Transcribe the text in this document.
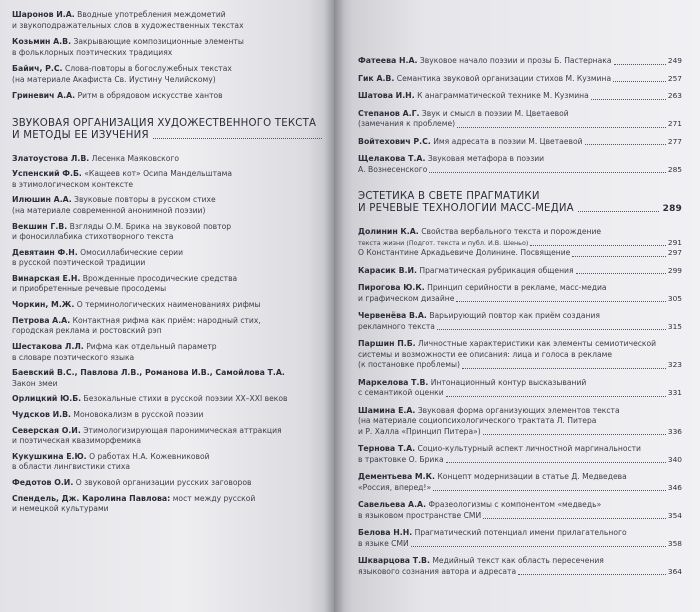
Шаронов И.А. Вводные употребления междометий
и звукоподражательных слов в художественных текстах
Козьмин А.В. Закрывающие композиционные элементы
в фольклорных поэтических традициях
Байич, Р.С. Слова-повторы в богослужебных текстах
(на материале Акафиста Св. Иустину Челийскому)
Гриневич А.А. Ритм в обрядовом искусстве хантов
ЗВУКОВАЯ ОРГАНИЗАЦИЯ ХУДОЖЕСТВЕННОГО ТЕКСТА
И МЕТОДЫ ЕЕ ИЗУЧЕНИЯ
Златоустова Л.В. Лесенка Маяковского
Успенский Ф.Б. «Кащеев кот» Осипа Мандельштама
в этимологическом контексте
Илюшин А.А. Звуковые повторы в русском стихе
(на материале современной анонимной поэзии)
Векшин Г.В. Взгляды О.М. Брика на звуковой повтор
и фоносиллабика стихотворного текста
Девятаин Ф.Н. Омосиллабические серии
в русской поэтической традиции
Винарская Е.Н. Врожденные просодические средства
и приобретенные речевые просодемы
Чоркин, М.Ж. О терминологических наименованиях рифмы
Петрова А.А. Контактная рифма как приём: народный стих,
городская реклама и ростовский рэп
Шестакова Л.Л. Рифма как отдельный параметр
в словаре поэтического языка
Баевский В.С., Павлова Л.В., Романова И.В., Самойлова Т.А.
Закон змеи
Орлицкий Ю.Б. Безокальные стихи в русской поэзии XX–XXI веков
Чудсков И.В. Моновокализм в русской поэзии
Северская О.И. Этимологизирующая паронимическая аттракция
и поэтическая квазиморфемика
Кукушкина Е.Ю. О работах Н.А. Кожевниковой
в области лингвистики стиха
Федотов О.И. О звуковой организации русских заговоров
Спендель, Дж. Каролина Павлова: мост между русской
и немецкой культурами
Фатеева Н.А. Звуковое начало поэзии и прозы Б. Пастернака	249
Гик А.В. Семантика звуковой организации стихов М. Кузмина	257
Шатова И.Н. К анаграмматической технике М. Кузмина	263
Степанов А.Г. Звук и смысл в поэзии М. Цветаевой
(замечания к проблеме)	271
Войтехович Р.С. Имя адресата в поэзии М. Цветаевой	277
Щелакова Т.А. Звуковая метафора в поэзии
А. Вознесенского	285
ЭСТЕТИКА В СВЕТЕ ПРАГМАТИКИ
И РЕЧЕВЫЕ ТЕХНОЛОГИИ МАСС-МЕДИА	289
Долинин К.А. Свойства вербального текста и порождение
текста жизни (Подгот. текста и публ. И.В. Шеньо)	291
О Константине Аркадьевиче Долинине. Посвящение	297
Карасик В.И. Прагматическая рубрикация общения	299
Пирогова Ю.К. Принцип серийности в рекламе, масс-медиа
и графическом дизайне	305
Червенёва В.А. Варьирующий повтор как приём создания
рекламного текста	315
Паршин П.Б. Личностные характеристики как элементы семиотической
системы и возможности ее описания: лица и голоса в рекламе
(к постановке проблемы)	323
Маркелова Т.В. Интонационный контур высказываний
с семантикой оценки	331
Шамина Е.А. Звуковая форма организующих элементов текста
(на материале социопсихологического трактата Л. Питера
и Р. Халла «Принцип Питера»)	336
Тернова Т.А. Социо-культурный аспект личностной маргинальности
в трактовке О. Брика	340
Дементьева М.К. Концепт модернизации в статье Д. Медведева
«Россия, вперед!»	346
Савельева А.А. Фразеологизмы с компонентом «медведь»
в языковом пространстве СМИ	354
Белова Н.Н. Прагматический потенциал имени прилагательного
в языке СМИ	358
Шкварцова Т.В. Медийный текст как область пересечения
языкового сознания автора и адресата	364
